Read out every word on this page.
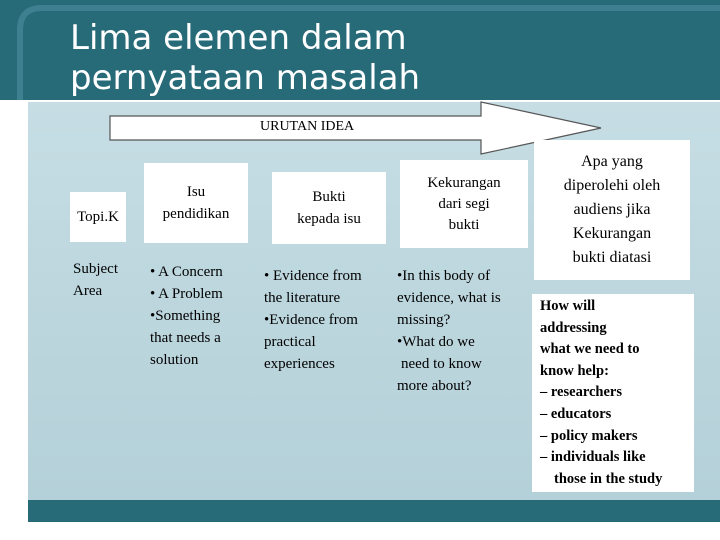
Lima elemen dalam
pernyataan masalah
URUTAN IDEA
Topi.K
Isu
pendidikan
Bukti
kepada isu
Kekurangan
dari segi
bukti
Apa yang
diperolehi oleh
audiens jika
Kekurangan
bukti diatasi
Subject
Area
• A Concern
• A Problem
•Something
that needs a
solution
• Evidence from
the literature
•Evidence from
practical
experiences
•In this body of
evidence, what is
missing?
•What do we
need to know
more about?
How will
addressing
what we need to
know help:
– researchers
– educators
– policy makers
– individuals like
those in the study
